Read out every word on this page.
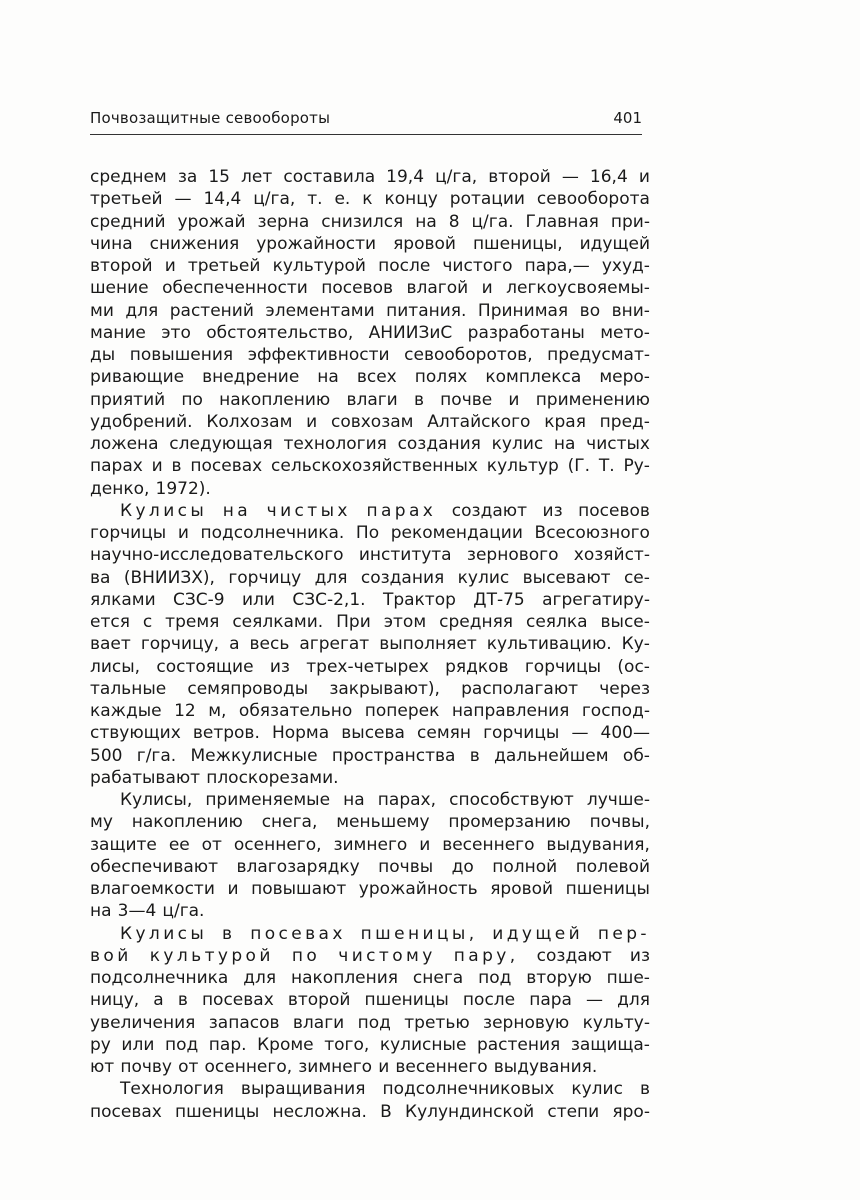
Почвозащитные севообороты	401
среднем за 15 лет составила 19,4 ц/га, второй — 16,4 и
третьей — 14,4 ц/га, т. е. к концу ротации севооборота
средний урожай зерна снизился на 8 ц/га. Главная при-
чина снижения урожайности яровой пшеницы, идущей
второй и третьей культурой после чистого пара,— ухуд-
шение обеспеченности посевов влагой и легкоусвояемы-
ми для растений элементами питания. Принимая во вни-
мание это обстоятельство, АНИИЗиС разработаны мето-
ды повышения эффективности севооборотов, предусмат-
ривающие внедрение на всех полях комплекса меро-
приятий по накоплению влаги в почве и применению
удобрений. Колхозам и совхозам Алтайского края пред-
ложена следующая технология создания кулис на чистых
парах и в посевах сельскохозяйственных культур (Г. Т. Ру-
денко, 1972).
Кулисы на чистых парах создают из посевов
горчицы и подсолнечника. По рекомендации Всесоюзного
научно-исследовательского института зернового хозяйст-
ва (ВНИИЗХ), горчицу для создания кулис высевают се-
ялками СЗС-9 или СЗС-2,1. Трактор ДТ-75 агрегатиру-
ется с тремя сеялками. При этом средняя сеялка высе-
вает горчицу, а весь агрегат выполняет культивацию. Ку-
лисы, состоящие из трех-четырех рядков горчицы (ос-
тальные семяпроводы закрывают), располагают через
каждые 12 м, обязательно поперек направления господ-
ствующих ветров. Норма высева семян горчицы — 400—
500 г/га. Межкулисные пространства в дальнейшем об-
рабатывают плоскорезами.
Кулисы, применяемые на парах, способствуют лучше-
му накоплению снега, меньшему промерзанию почвы,
защите ее от осеннего, зимнего и весеннего выдувания,
обеспечивают влагозарядку почвы до полной полевой
влагоемкости и повышают урожайность яровой пшеницы
на 3—4 ц/га.
Кулисы в посевах пшеницы, идущей пер-
вой культурой по чистому пару, создают из
подсолнечника для накопления снега под вторую пше-
ницу, а в посевах второй пшеницы после пара — для
увеличения запасов влаги под третью зерновую культу-
ру или под пар. Кроме того, кулисные растения защища-
ют почву от осеннего, зимнего и весеннего выдувания.
Технология выращивания подсолнечниковых кулис в
посевах пшеницы несложна. В Кулундинской степи яро-
